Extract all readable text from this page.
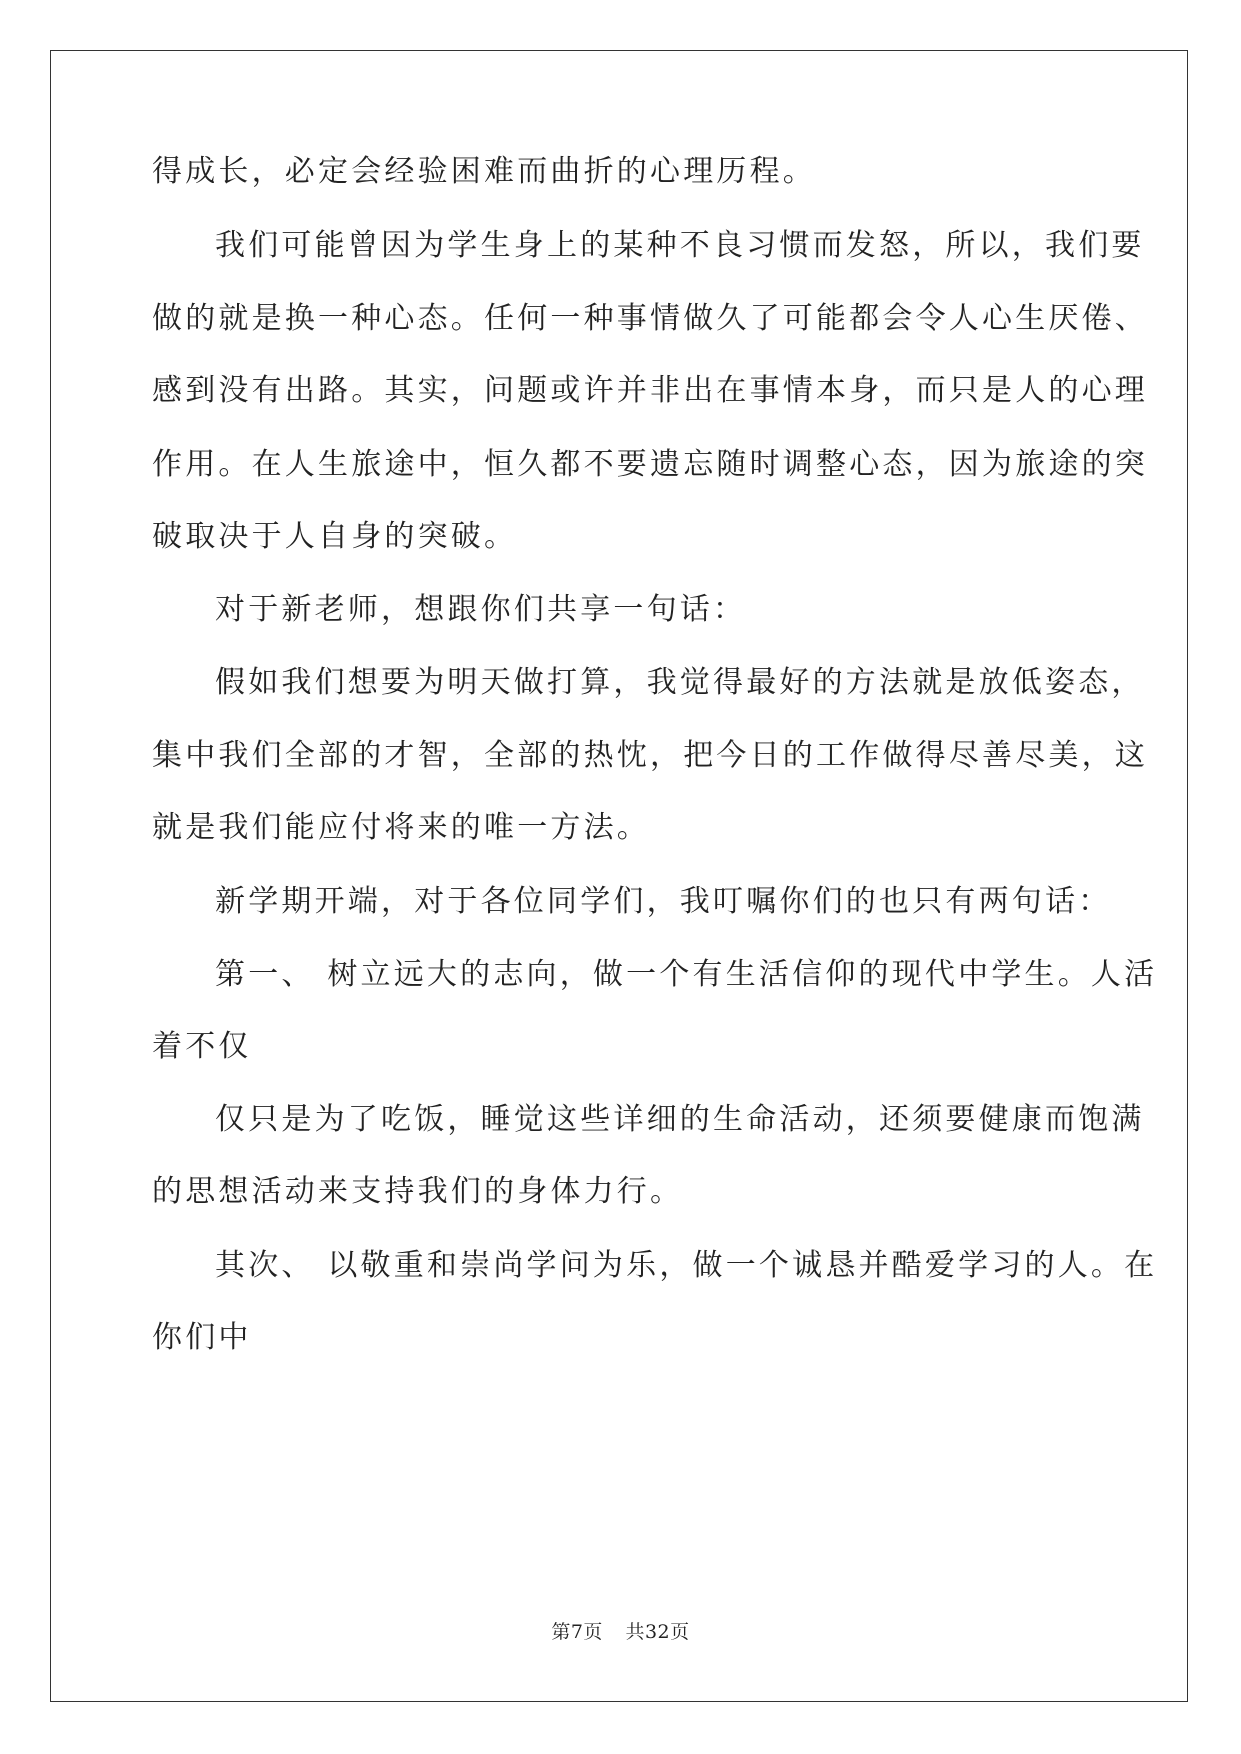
得成长，必定会经验困难而曲折的心理历程。
我们可能曾因为学生身上的某种不良习惯而发怒，所以，我们要
做的就是换一种心态。任何一种事情做久了可能都会令人心生厌倦、
感到没有出路。其实，问题或许并非出在事情本身，而只是人的心理
作用。在人生旅途中，恒久都不要遗忘随时调整心态，因为旅途的突
破取决于人自身的突破。
对于新老师，想跟你们共享一句话：
假如我们想要为明天做打算，我觉得最好的方法就是放低姿态，
集中我们全部的才智，全部的热忱，把今日的工作做得尽善尽美，这
就是我们能应付将来的唯一方法。
新学期开端，对于各位同学们，我叮嘱你们的也只有两句话：
第一、 树立远大的志向，做一个有生活信仰的现代中学生。人活
着不仅
仅只是为了吃饭，睡觉这些详细的生命活动，还须要健康而饱满
的思想活动来支持我们的身体力行。
其次、 以敬重和崇尚学问为乐，做一个诚恳并酷爱学习的人。在
你们中
第7页 共32页
